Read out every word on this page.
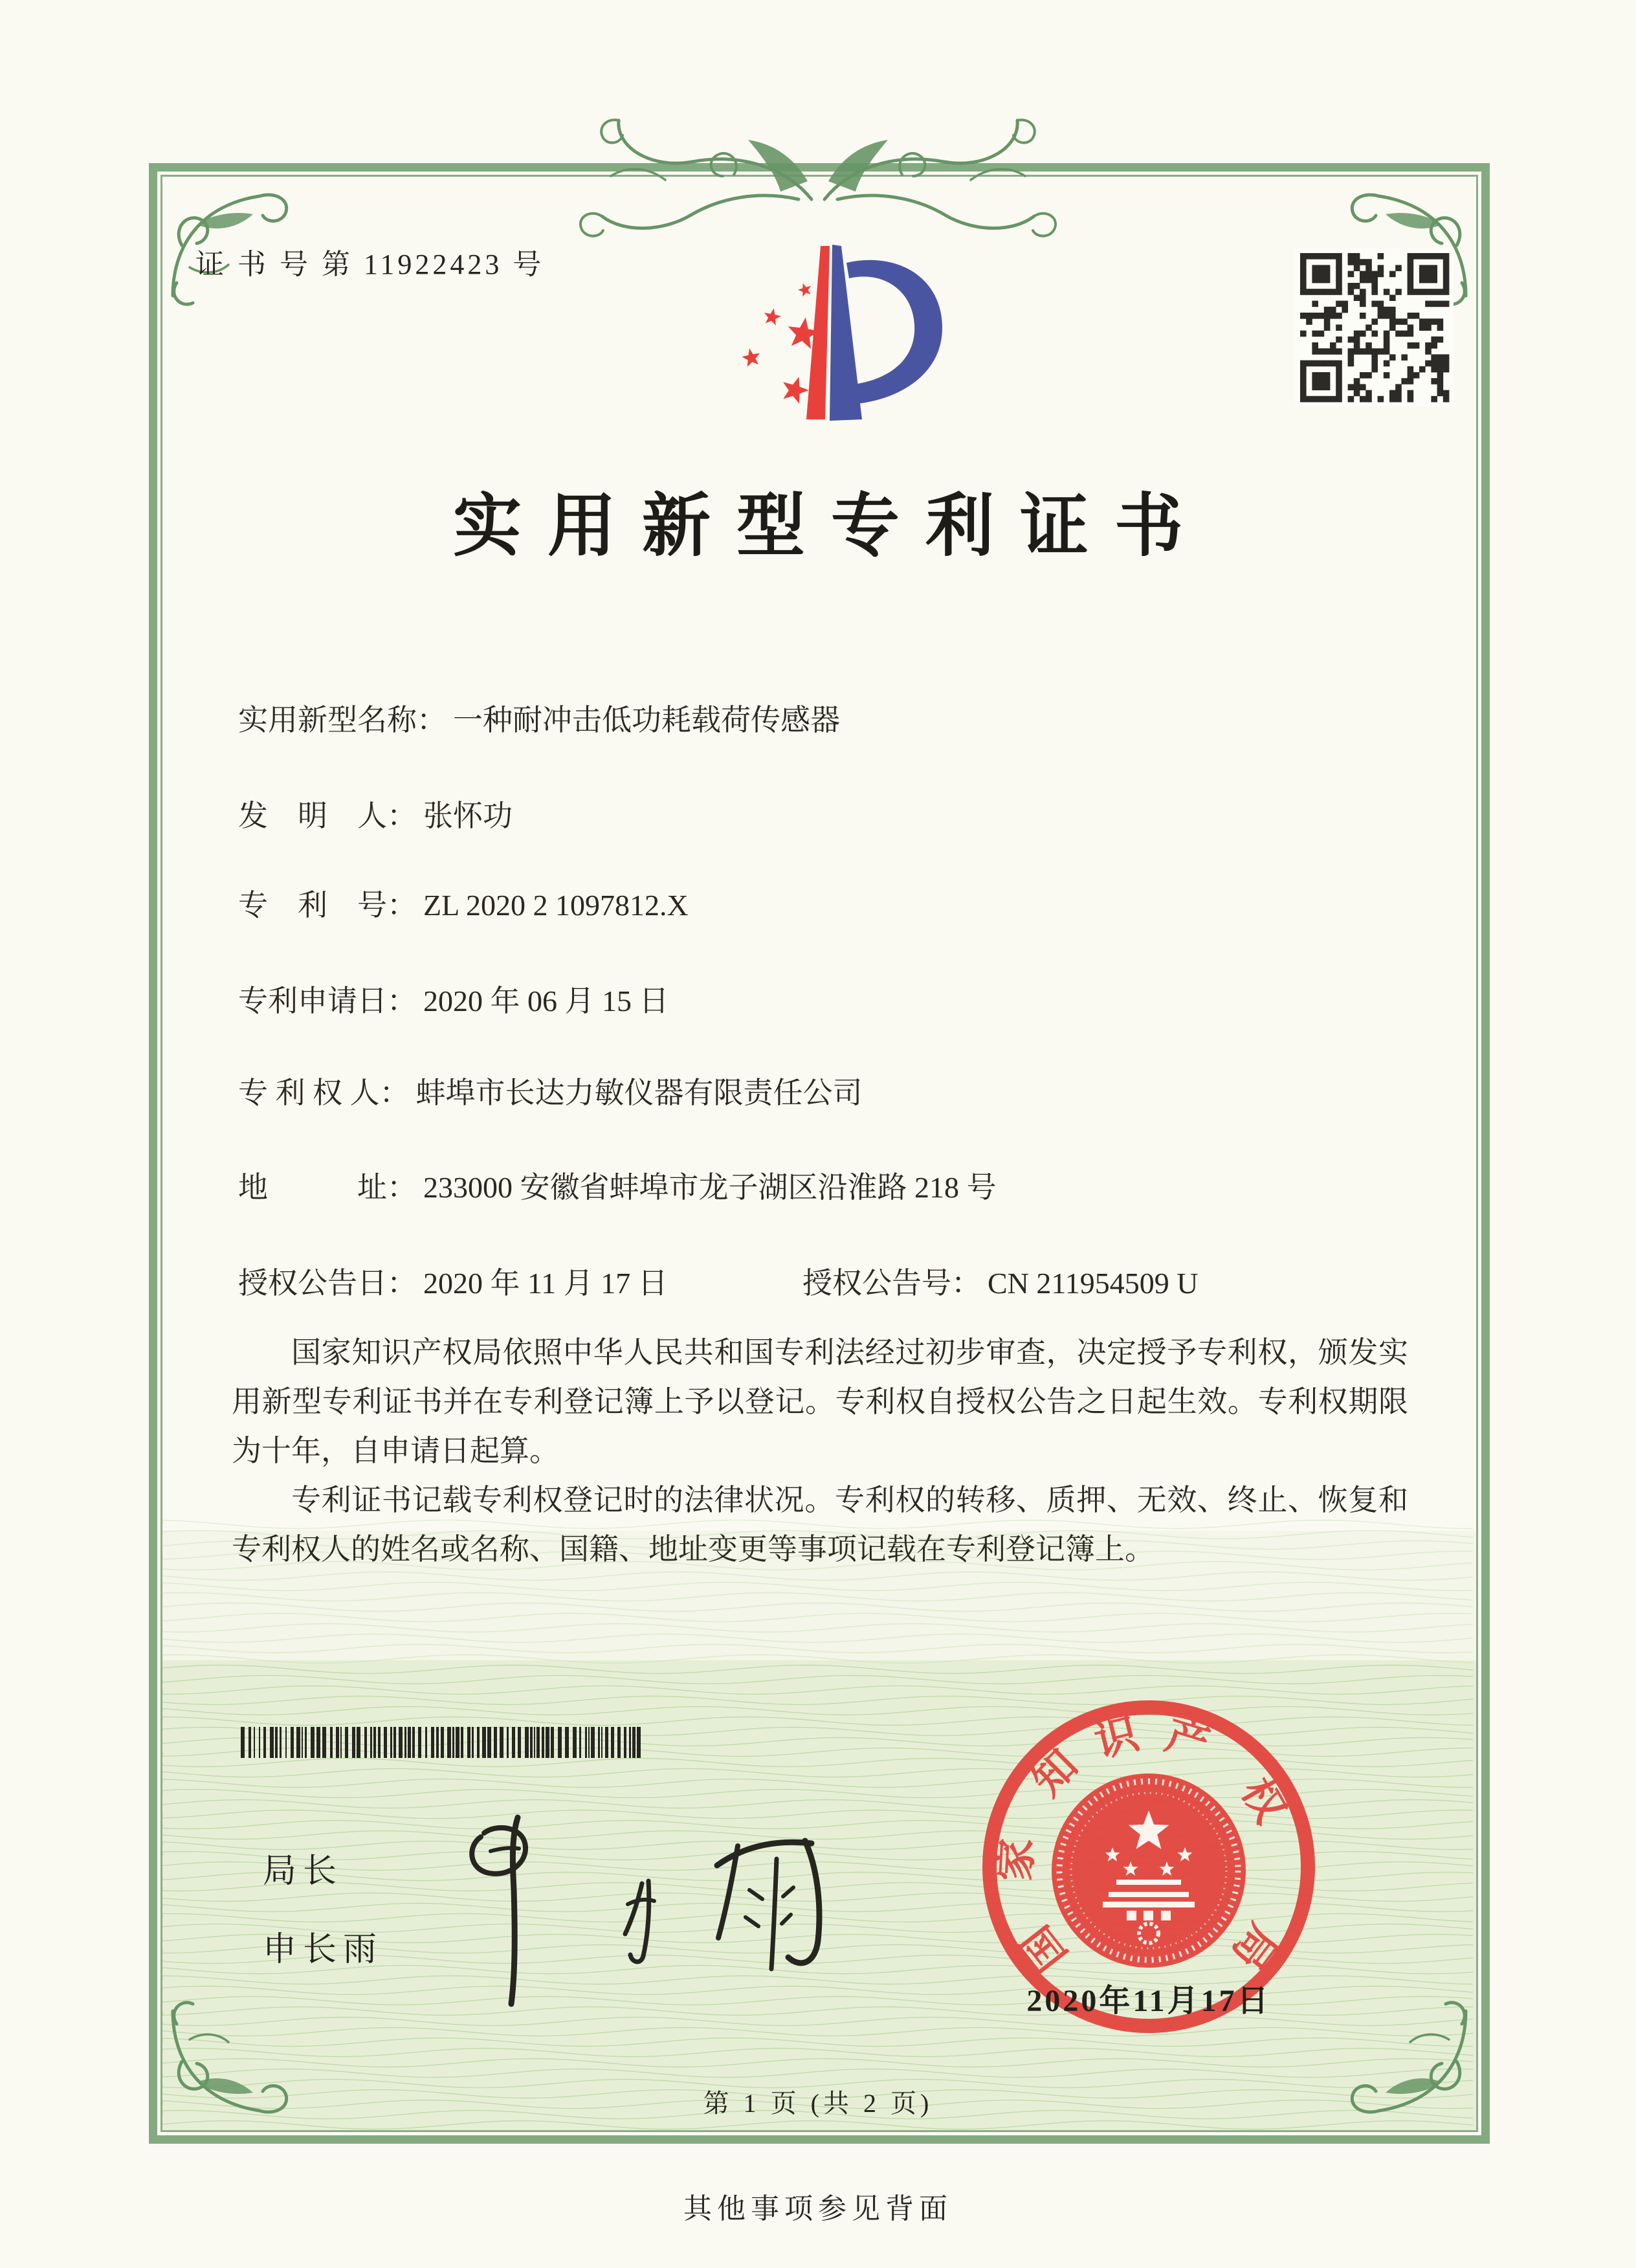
证 书 号 第 11922423 号
实用新型专利证书
实用新型名称： 一种耐冲击低功耗载荷传感器
发　明　人： 张怀功
专　利　号： ZL 2020 2 1097812.X
专利申请日： 2020 年 06 月 15 日
专 利 权 人： 蚌埠市长达力敏仪器有限责任公司
地　　　址： 233000 安徽省蚌埠市龙子湖区沿淮路 218 号
授权公告日： 2020 年 11 月 17 日	授权公告号： CN 211954509 U

国家知识产权局依照中华人民共和国专利法经过初步审查，决定授予专利权，颁发实用新型专利证书并在专利登记簿上予以登记。专利权自授权公告之日起生效。专利权期限为十年，自申请日起算。

专利证书记载专利权登记时的法律状况。专利权的转移、质押、无效、终止、恢复和专利权人的姓名或名称、国籍、地址变更等事项记载在专利登记簿上。

局长
申长雨	国
家
知
识 产
权
局
2020年11月17日
第 1 页 (共 2 页)
其他事项参见背面
